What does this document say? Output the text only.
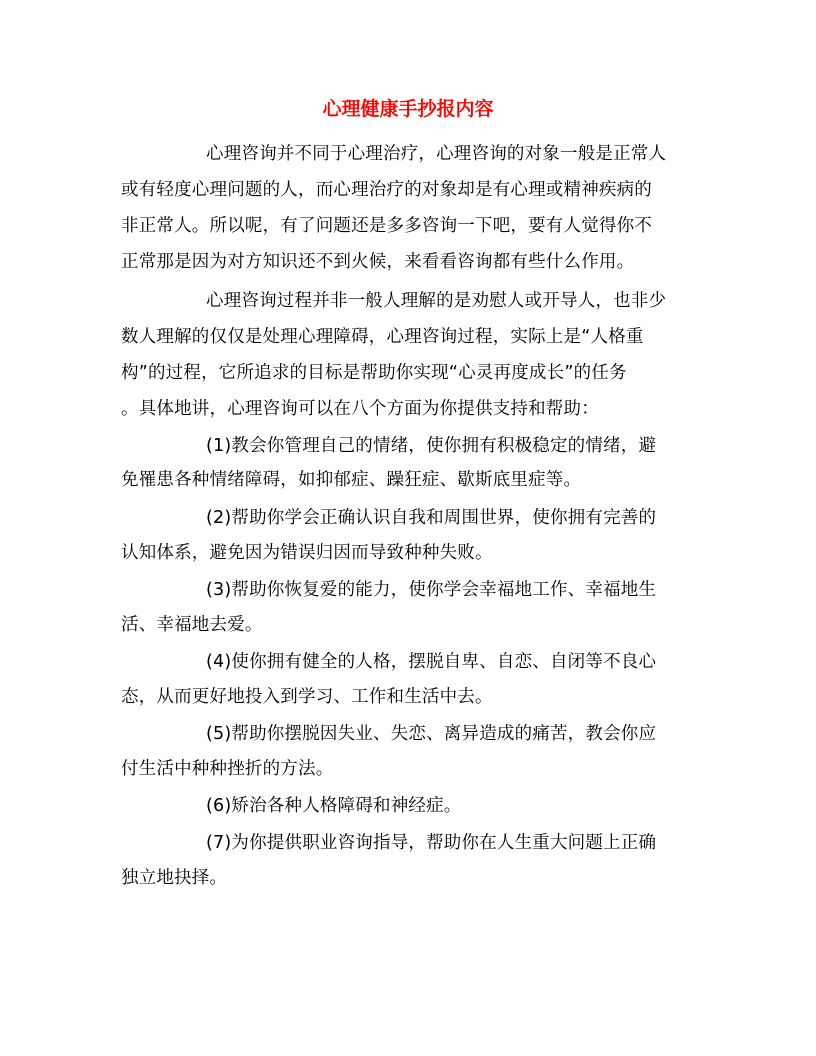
心理健康手抄报内容
心理咨询并不同于心理治疗，心理咨询的对象一般是正常人
或有轻度心理问题的人，而心理治疗的对象却是有心理或精神疾病的
非正常人。所以呢，有了问题还是多多咨询一下吧，要有人觉得你不
正常那是因为对方知识还不到火候，来看看咨询都有些什么作用。
心理咨询过程并非一般人理解的是劝慰人或开导人，也非少
数人理解的仅仅是处理心理障碍，心理咨询过程，实际上是“人格重
构”的过程，它所追求的目标是帮助你实现“心灵再度成长”的任务
。具体地讲，心理咨询可以在八个方面为你提供支持和帮助：
(1)教会你管理自己的情绪，使你拥有积极稳定的情绪，避
免罹患各种情绪障碍，如抑郁症、躁狂症、歇斯底里症等。
(2)帮助你学会正确认识自我和周围世界，使你拥有完善的
认知体系，避免因为错误归因而导致种种失败。
(3)帮助你恢复爱的能力，使你学会幸福地工作、幸福地生
活、幸福地去爱。
(4)使你拥有健全的人格，摆脱自卑、自恋、自闭等不良心
态，从而更好地投入到学习、工作和生活中去。
(5)帮助你摆脱因失业、失恋、离异造成的痛苦，教会你应
付生活中种种挫折的方法。
(6)矫治各种人格障碍和神经症。
(7)为你提供职业咨询指导，帮助你在人生重大问题上正确
独立地抉择。
